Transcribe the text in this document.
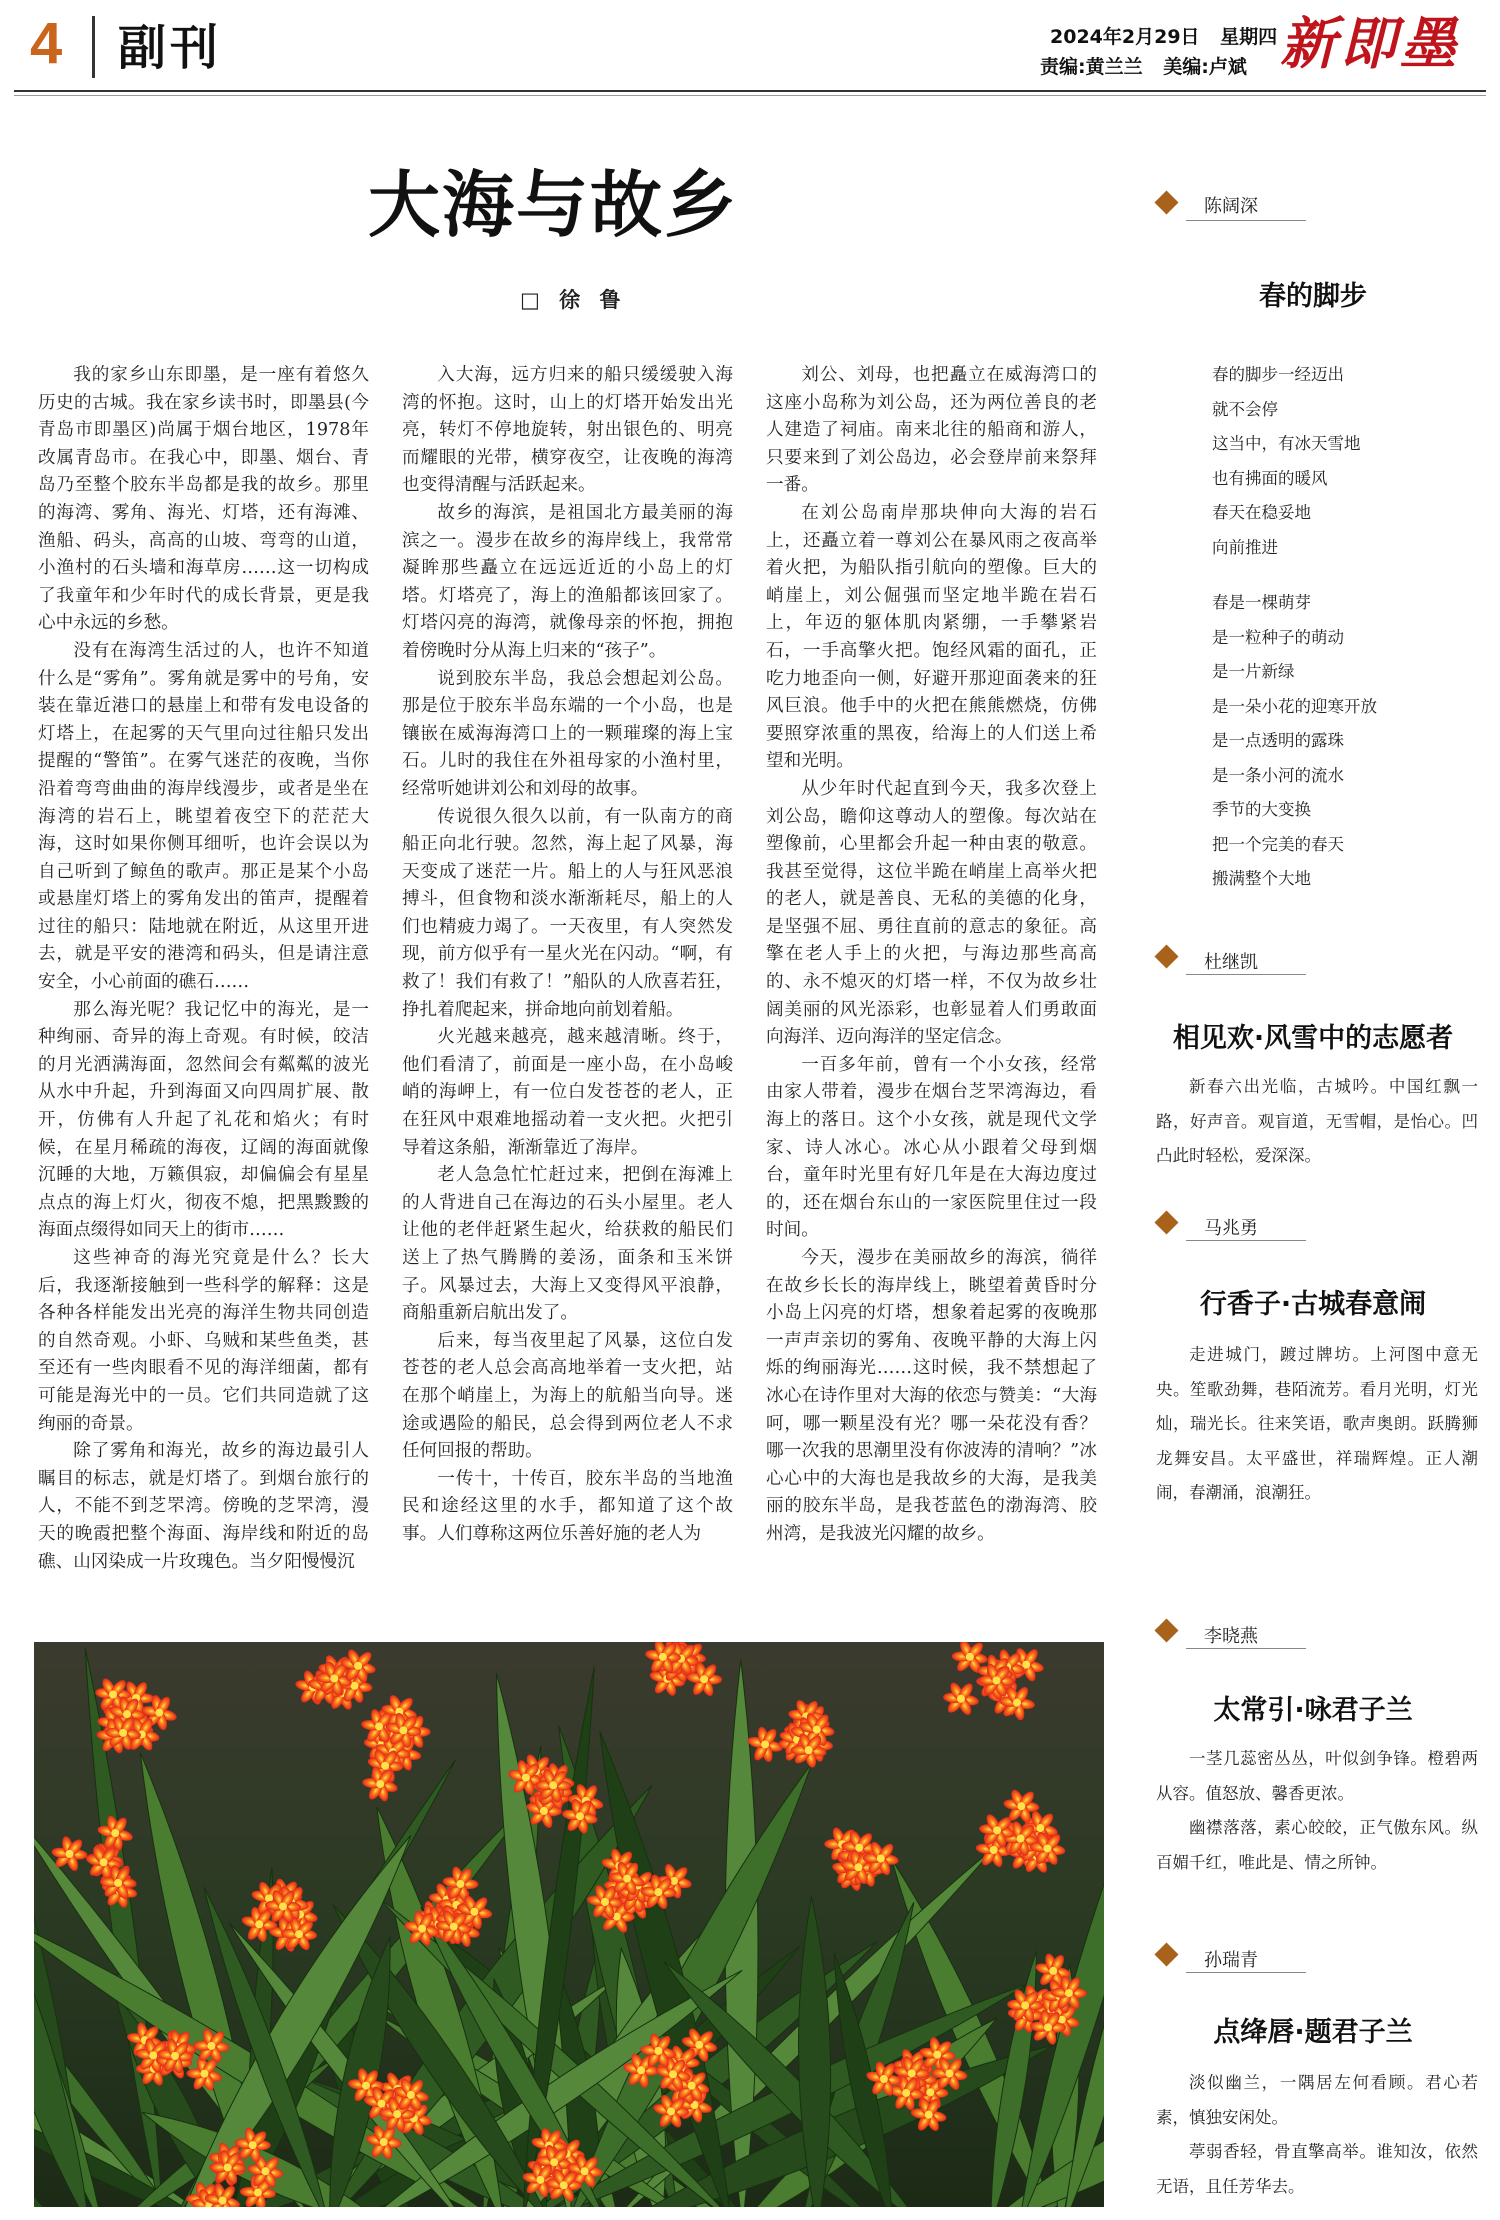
4 副刊	2024年2月29日 星期四
责编:黄兰兰 美编:卢斌 新即墨
大海与故乡
□ 徐 鲁

我的家乡山东即墨，是一座有着悠久历史的古城。我在家乡读书时，即墨县(今青岛市即墨区)尚属于烟台地区，1978年改属青岛市。在我心中，即墨、烟台、青岛乃至整个胶东半岛都是我的故乡。那里的海湾、雾角、海光、灯塔，还有海滩、渔船、码头，高高的山坡、弯弯的山道，小渔村的石头墙和海草房……这一切构成了我童年和少年时代的成长背景，更是我心中永远的乡愁。

没有在海湾生活过的人，也许不知道什么是“雾角”。雾角就是雾中的号角，安装在靠近港口的悬崖上和带有发电设备的灯塔上，在起雾的天气里向过往船只发出提醒的“警笛”。在雾气迷茫的夜晚，当你沿着弯弯曲曲的海岸线漫步，或者是坐在海湾的岩石上，眺望着夜空下的茫茫大海，这时如果你侧耳细听，也许会误以为自己听到了鲸鱼的歌声。那正是某个小岛或悬崖灯塔上的雾角发出的笛声，提醒着过往的船只：陆地就在附近，从这里开进去，就是平安的港湾和码头，但是请注意安全，小心前面的礁石……

那么海光呢？我记忆中的海光，是一种绚丽、奇异的海上奇观。有时候，皎洁的月光洒满海面，忽然间会有粼粼的波光从水中升起，升到海面又向四周扩展、散开，仿佛有人升起了礼花和焰火；有时候，在星月稀疏的海夜，辽阔的海面就像沉睡的大地，万籁俱寂，却偏偏会有星星点点的海上灯火，彻夜不熄，把黑黢黢的海面点缀得如同天上的街市……

这些神奇的海光究竟是什么？长大后，我逐渐接触到一些科学的解释：这是各种各样能发出光亮的海洋生物共同创造的自然奇观。小虾、乌贼和某些鱼类，甚至还有一些肉眼看不见的海洋细菌，都有可能是海光中的一员。它们共同造就了这绚丽的奇景。

除了雾角和海光，故乡的海边最引人瞩目的标志，就是灯塔了。到烟台旅行的人，不能不到芝罘湾。傍晚的芝罘湾，漫天的晚霞把整个海面、海岸线和附近的岛礁、山冈染成一片玫瑰色。当夕阳慢慢沉

入大海，远方归来的船只缓缓驶入海湾的怀抱。这时，山上的灯塔开始发出光亮，转灯不停地旋转，射出银色的、明亮而耀眼的光带，横穿夜空，让夜晚的海湾也变得清醒与活跃起来。

故乡的海滨，是祖国北方最美丽的海滨之一。漫步在故乡的海岸线上，我常常凝眸那些矗立在远远近近的小岛上的灯塔。灯塔亮了，海上的渔船都该回家了。灯塔闪亮的海湾，就像母亲的怀抱，拥抱着傍晚时分从海上归来的“孩子”。

说到胶东半岛，我总会想起刘公岛。那是位于胶东半岛东端的一个小岛，也是镶嵌在威海海湾口上的一颗璀璨的海上宝石。儿时的我住在外祖母家的小渔村里，经常听她讲刘公和刘母的故事。

传说很久很久以前，有一队南方的商船正向北行驶。忽然，海上起了风暴，海天变成了迷茫一片。船上的人与狂风恶浪搏斗，但食物和淡水渐渐耗尽，船上的人们也精疲力竭了。一天夜里，有人突然发现，前方似乎有一星火光在闪动。“啊，有救了！我们有救了！”船队的人欣喜若狂，挣扎着爬起来，拼命地向前划着船。

火光越来越亮，越来越清晰。终于，他们看清了，前面是一座小岛，在小岛峻峭的海岬上，有一位白发苍苍的老人，正在狂风中艰难地摇动着一支火把。火把引导着这条船，渐渐靠近了海岸。

老人急急忙忙赶过来，把倒在海滩上的人背进自己在海边的石头小屋里。老人让他的老伴赶紧生起火，给获救的船民们送上了热气腾腾的姜汤，面条和玉米饼子。风暴过去，大海上又变得风平浪静，商船重新启航出发了。

后来，每当夜里起了风暴，这位白发苍苍的老人总会高高地举着一支火把，站在那个峭崖上，为海上的航船当向导。迷途或遇险的船民，总会得到两位老人不求任何回报的帮助。

一传十，十传百，胶东半岛的当地渔民和途经这里的水手，都知道了这个故事。人们尊称这两位乐善好施的老人为

刘公、刘母，也把矗立在威海湾口的这座小岛称为刘公岛，还为两位善良的老人建造了祠庙。南来北往的船商和游人，只要来到了刘公岛边，必会登岸前来祭拜一番。

在刘公岛南岸那块伸向大海的岩石上，还矗立着一尊刘公在暴风雨之夜高举着火把，为船队指引航向的塑像。巨大的峭崖上，刘公倔强而坚定地半跪在岩石上，年迈的躯体肌肉紧绷，一手攀紧岩石，一手高擎火把。饱经风霜的面孔，正吃力地歪向一侧，好避开那迎面袭来的狂风巨浪。他手中的火把在熊熊燃烧，仿佛要照穿浓重的黑夜，给海上的人们送上希望和光明。

从少年时代起直到今天，我多次登上刘公岛，瞻仰这尊动人的塑像。每次站在塑像前，心里都会升起一种由衷的敬意。我甚至觉得，这位半跪在峭崖上高举火把的老人，就是善良、无私的美德的化身，是坚强不屈、勇往直前的意志的象征。高擎在老人手上的火把，与海边那些高高的、永不熄灭的灯塔一样，不仅为故乡壮阔美丽的风光添彩，也彰显着人们勇敢面向海洋、迈向海洋的坚定信念。

一百多年前，曾有一个小女孩，经常由家人带着，漫步在烟台芝罘湾海边，看海上的落日。这个小女孩，就是现代文学家、诗人冰心。冰心从小跟着父母到烟台，童年时光里有好几年是在大海边度过的，还在烟台东山的一家医院里住过一段时间。

今天，漫步在美丽故乡的海滨，徜徉在故乡长长的海岸线上，眺望着黄昏时分小岛上闪亮的灯塔，想象着起雾的夜晚那一声声亲切的雾角、夜晚平静的大海上闪烁的绚丽海光……这时候，我不禁想起了冰心在诗作里对大海的依恋与赞美：“大海呵，哪一颗星没有光？哪一朵花没有香？哪一次我的思潮里没有你波涛的清响？”冰心心中的大海也是我故乡的大海，是我美丽的胶东半岛，是我苍蓝色的渤海湾、胶州湾，是我波光闪耀的故乡。

陈阔深
春的脚步
春的脚步一经迈出
就不会停
这当中，有冰天雪地
也有拂面的暖风
春天在稳妥地
向前推进
春是一棵萌芽
是一粒种子的萌动
是一片新绿
是一朵小花的迎寒开放
是一点透明的露珠
是一条小河的流水
季节的大变换
把一个完美的春天
搬满整个大地
杜继凯
相见欢·风雪中的志愿者

新春六出光临，古城吟。中国红飘一路，好声音。观盲道，无雪帽，是怡心。凹凸此时轻松，爱深深。

马兆勇
行香子·古城春意闹

走进城门，踱过牌坊。上河图中意无央。笙歌劲舞，巷陌流芳。看月光明，灯光灿，瑞光长。往来笑语，歌声奥朗。跃腾狮龙舞安昌。太平盛世，祥瑞辉煌。正人潮闹，春潮涌，浪潮狂。

李晓燕
太常引·咏君子兰

一茎几蕊密丛丛，叶似剑争锋。橙碧两从容。值怒放、馨香更浓。

幽襟落落，素心皎皎，正气傲东风。纵百媚千红，唯此是、情之所钟。

孙瑞青
点绛唇·题君子兰

淡似幽兰，一隅居左何看顾。君心若素，慎独安闲处。

葶弱香轻，骨直擎高举。谁知汝，依然无语，且任芳华去。
